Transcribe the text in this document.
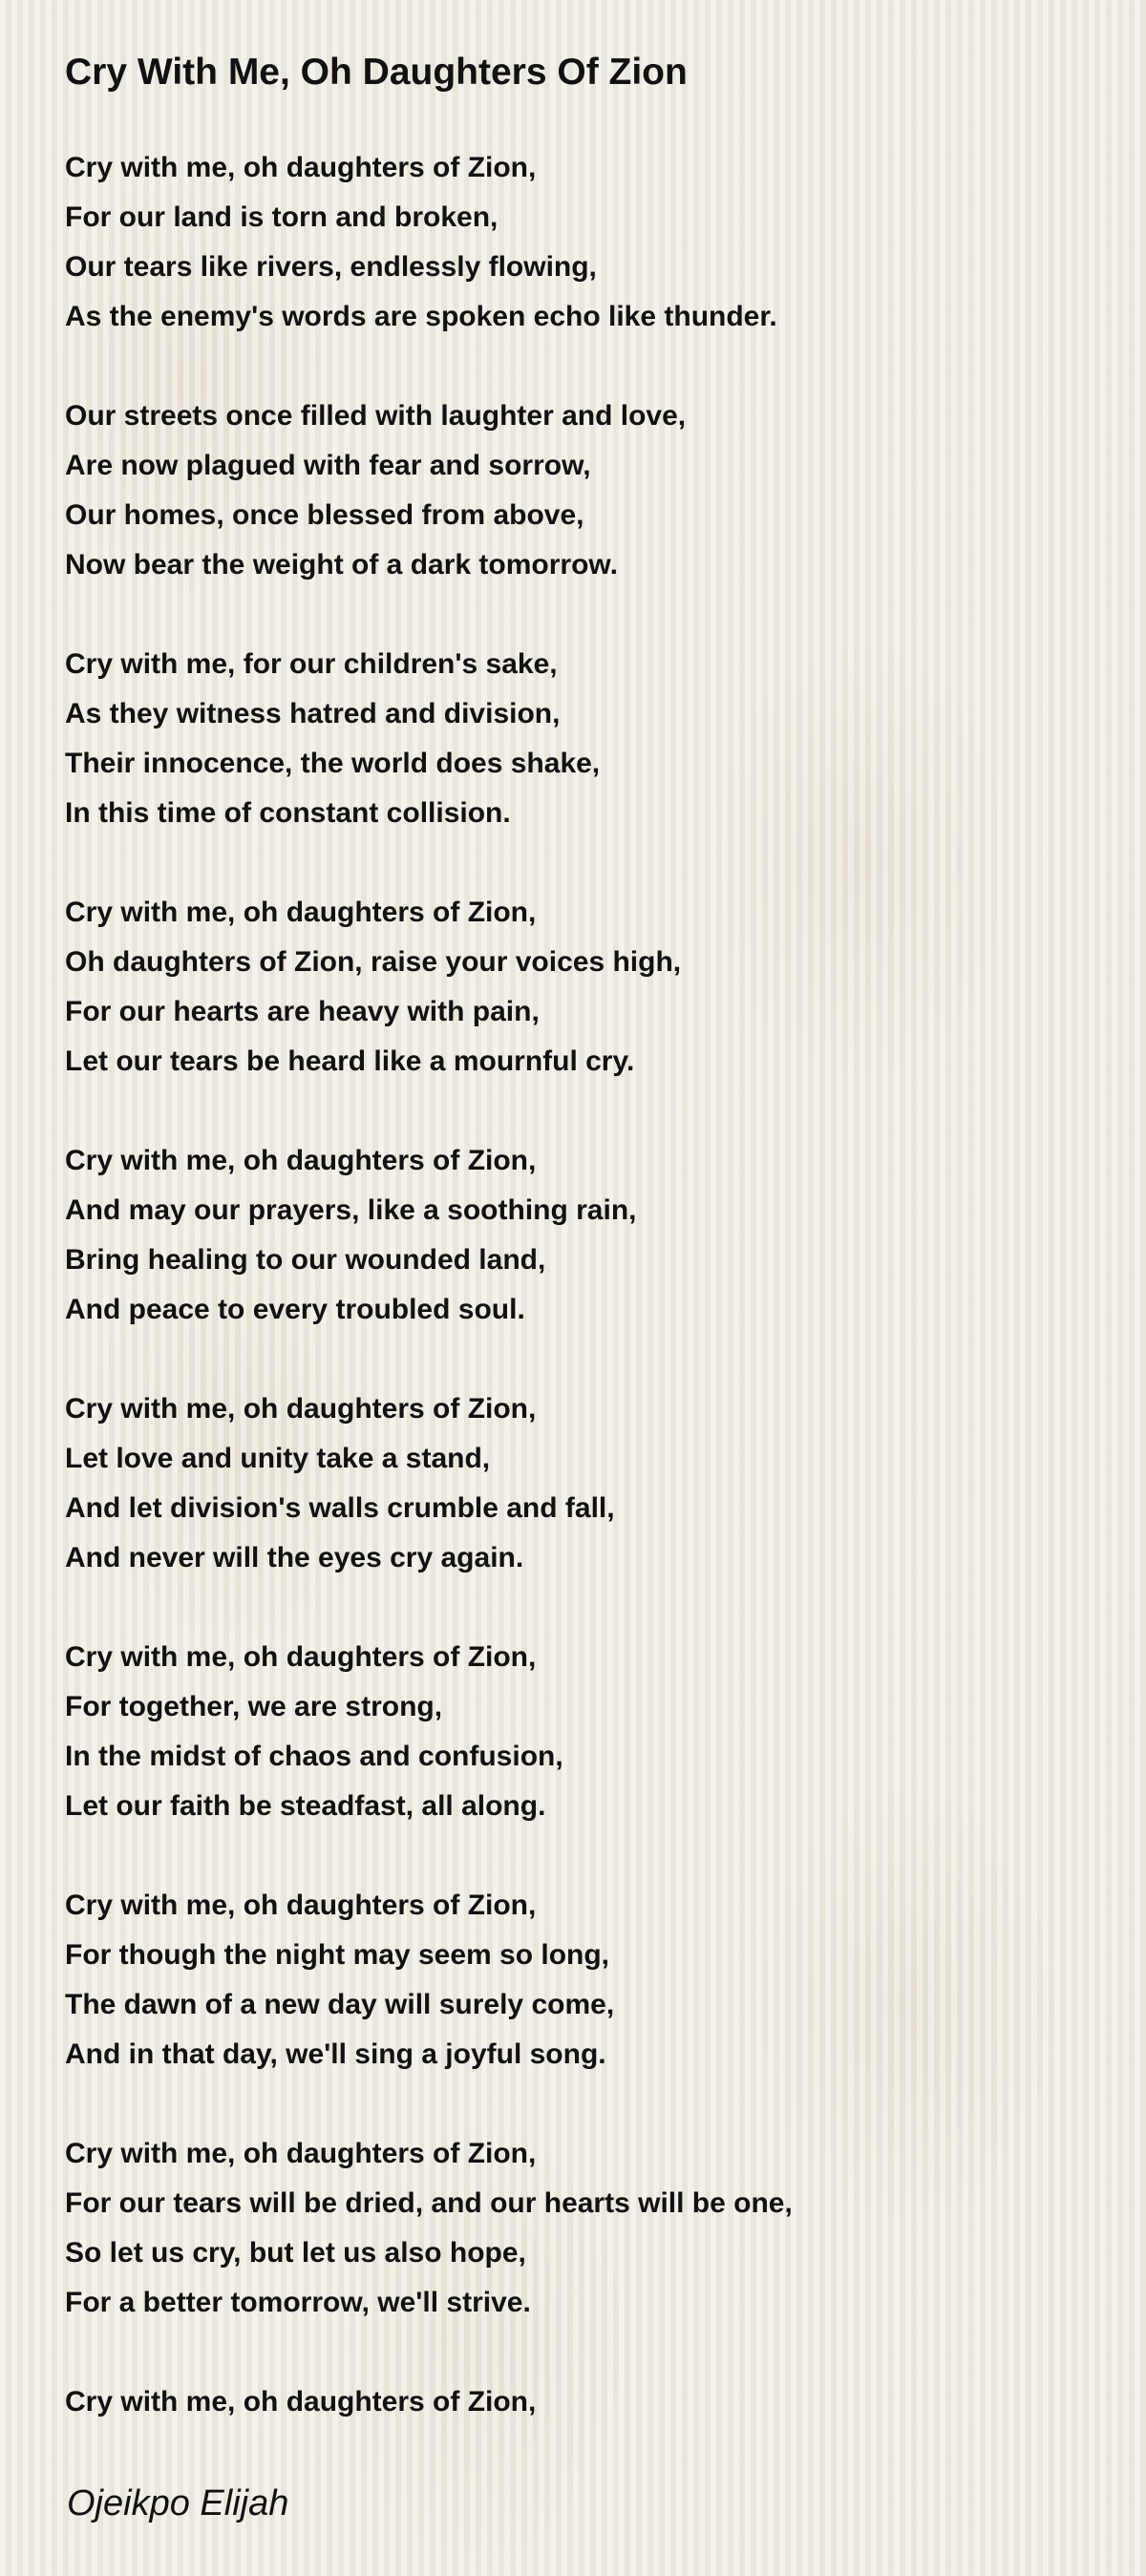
Cry With Me, Oh Daughters Of Zion
Cry with me, oh daughters of Zion,
For our land is torn and broken,
Our tears like rivers, endlessly flowing,
As the enemy's words are spoken echo like thunder.
Our streets once filled with laughter and love,
Are now plagued with fear and sorrow,
Our homes, once blessed from above,
Now bear the weight of a dark tomorrow.
Cry with me, for our children's sake,
As they witness hatred and division,
Their innocence, the world does shake,
In this time of constant collision.
Cry with me, oh daughters of Zion,
Oh daughters of Zion, raise your voices high,
For our hearts are heavy with pain,
Let our tears be heard like a mournful cry.
Cry with me, oh daughters of Zion,
And may our prayers, like a soothing rain,
Bring healing to our wounded land,
And peace to every troubled soul.
Cry with me, oh daughters of Zion,
Let love and unity take a stand,
And let division's walls crumble and fall,
And never will the eyes cry again.
Cry with me, oh daughters of Zion,
For together, we are strong,
In the midst of chaos and confusion,
Let our faith be steadfast, all along.
Cry with me, oh daughters of Zion,
For though the night may seem so long,
The dawn of a new day will surely come,
And in that day, we'll sing a joyful song.
Cry with me, oh daughters of Zion,
For our tears will be dried, and our hearts will be one,
So let us cry, but let us also hope,
For a better tomorrow, we'll strive.
Cry with me, oh daughters of Zion,

Ojeikpo Elijah
